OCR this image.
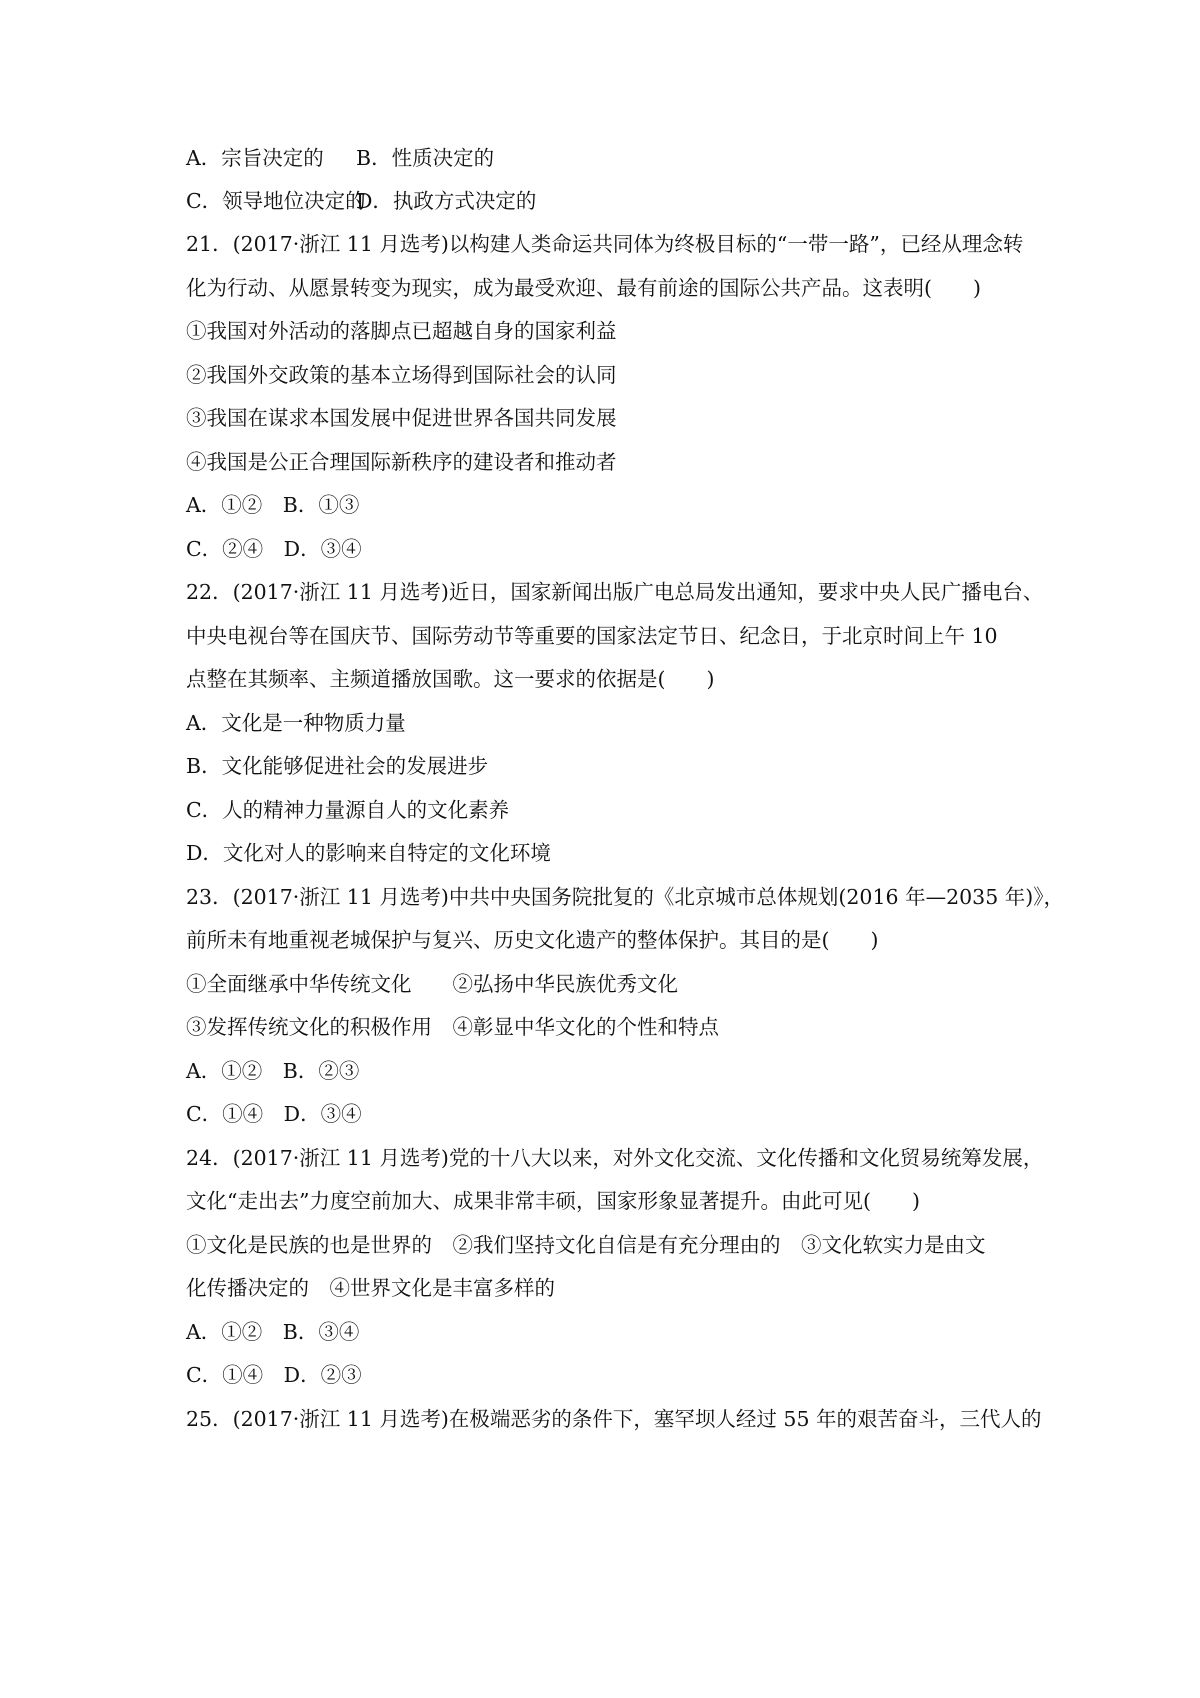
A．宗旨决定的 B．性质决定的
C．领导地位决定的
D．执政方式决定的
21．(2017·浙江 11 月选考)以构建人类命运共同体为终极目标的“一带一路”，已经从理念转
化为行动、从愿景转变为现实，成为最受欢迎、最有前途的国际公共产品。这表明(　　)
①我国对外活动的落脚点已超越自身的国家利益
②我国外交政策的基本立场得到国际社会的认同
③我国在谋求本国发展中促进世界各国共同发展
④我国是公正合理国际新秩序的建设者和推动者
A．①②　B．①③
C．②④　D．③④
22．(2017·浙江 11 月选考)近日，国家新闻出版广电总局发出通知，要求中央人民广播电台、
中央电视台等在国庆节、国际劳动节等重要的国家法定节日、纪念日，于北京时间上午 10
点整在其频率、主频道播放国歌。这一要求的依据是(　　)
A．文化是一种物质力量
B．文化能够促进社会的发展进步
C．人的精神力量源自人的文化素养
D．文化对人的影响来自特定的文化环境
23．(2017·浙江 11 月选考)中共中央国务院批复的《北京城市总体规划(2016 年—2035 年)》，
前所未有地重视老城保护与复兴、历史文化遗产的整体保护。其目的是(　　)
①全面继承中华传统文化　　②弘扬中华民族优秀文化
③发挥传统文化的积极作用　④彰显中华文化的个性和特点
A．①②　B．②③
C．①④　D．③④
24．(2017·浙江 11 月选考)党的十八大以来，对外文化交流、文化传播和文化贸易统筹发展，
文化“走出去”力度空前加大、成果非常丰硕，国家形象显著提升。由此可见(　　)
①文化是民族的也是世界的　②我们坚持文化自信是有充分理由的　③文化软实力是由文
化传播决定的　④世界文化是丰富多样的
A．①②　B．③④
C．①④　D．②③
25．(2017·浙江 11 月选考)在极端恶劣的条件下，塞罕坝人经过 55 年的艰苦奋斗，三代人的
